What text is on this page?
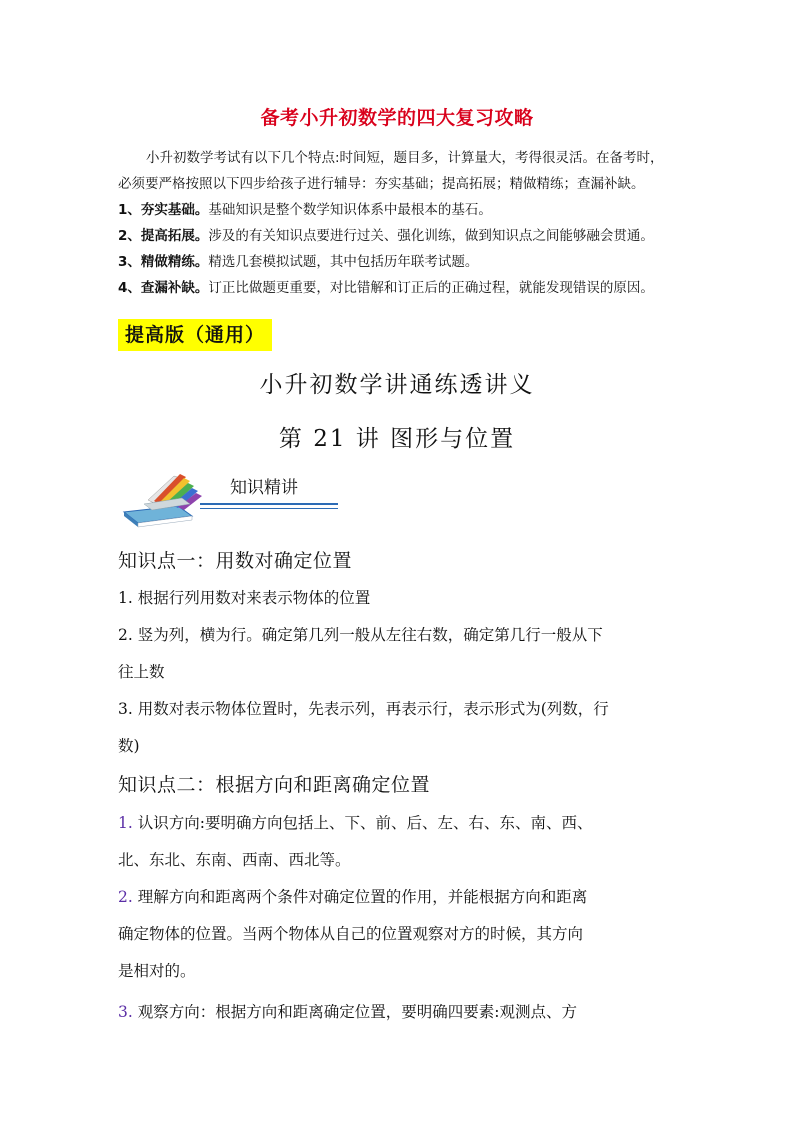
备考小升初数学的四大复习攻略

小升初数学考试有以下几个特点:时间短，题目多，计算量大，考得很灵活。在备考时，

必须要严格按照以下四步给孩子进行辅导：夯实基础；提高拓展；精做精练；查漏补缺。

1、夯实基础。基础知识是整个数学知识体系中最根本的基石。

2、提高拓展。涉及的有关知识点要进行过关、强化训练，做到知识点之间能够融会贯通。

3、精做精练。精选几套模拟试题，其中包括历年联考试题。

4、查漏补缺。订正比做题更重要，对比错解和订正后的正确过程，就能发现错误的原因。

提高版（通用）
小升初数学讲通练透讲义
第 21 讲 图形与位置
知识精讲
知识点一：用数对确定位置
1. 根据行列用数对来表示物体的位置
2. 竖为列，横为行。确定第几列一般从左往右数，确定第几行一般从下
往上数
3. 用数对表示物体位置时，先表示列，再表示行，表示形式为(列数，行
数)
知识点二：根据方向和距离确定位置
1. 认识方向:要明确方向包括上、下、前、后、左、右、东、南、西、
北、东北、东南、西南、西北等。
2. 理解方向和距离两个条件对确定位置的作用，并能根据方向和距离
确定物体的位置。当两个物体从自己的位置观察对方的时候，其方向
是相对的。
3. 观察方向：根据方向和距离确定位置，要明确四要素:观测点、方
